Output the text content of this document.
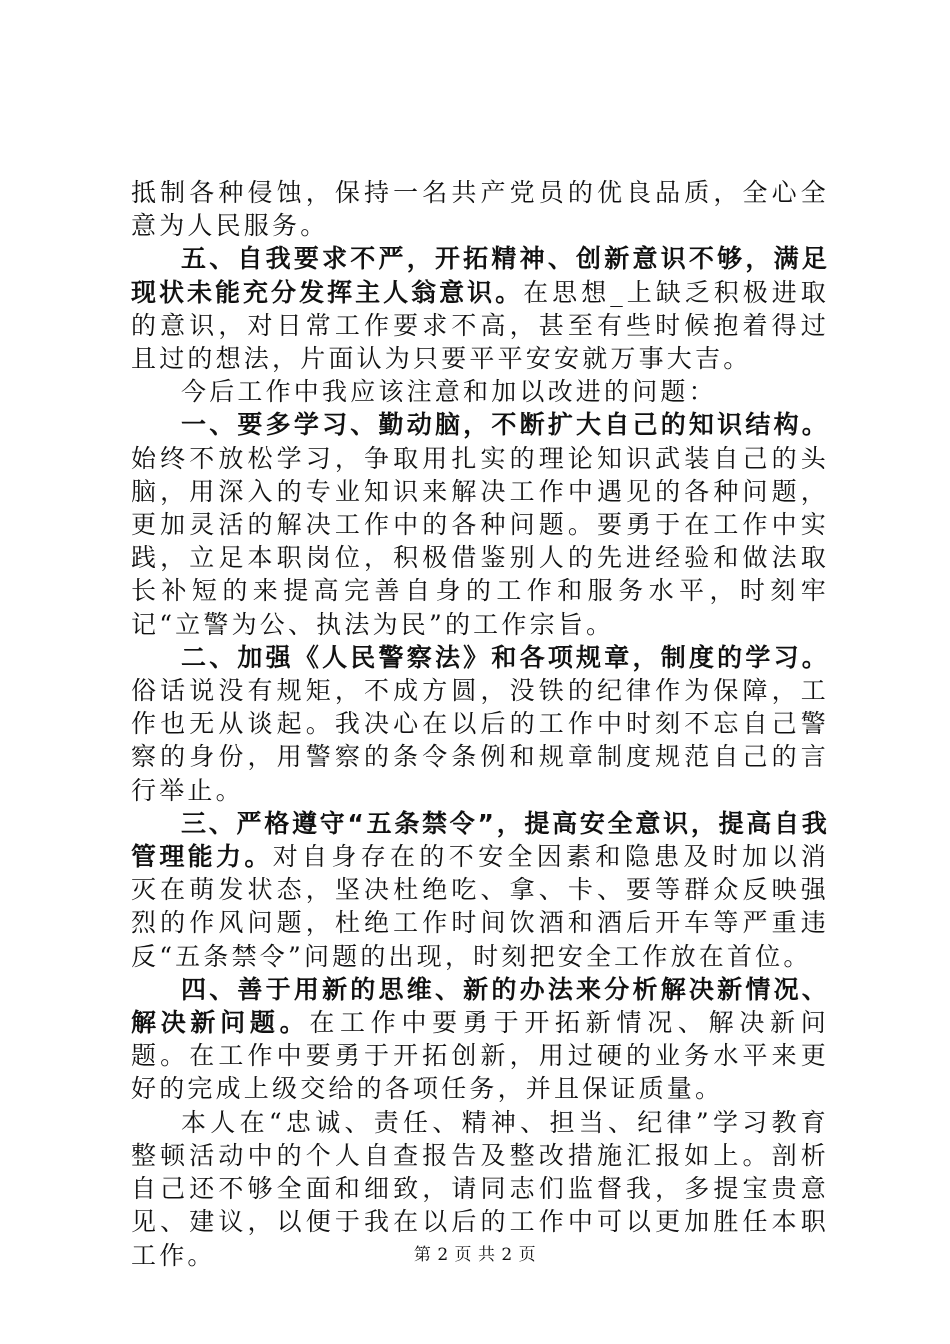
抵制各种侵蚀，保持一名共产党员的优良品质，全心全意为人民服务。

五、自我要求不严，开拓精神、创新意识不够，满足现状未能充分发挥主人翁意识。在思想_上缺乏积极进取的意识，对日常工作要求不高，甚至有些时候抱着得过且过的想法，片面认为只要平平安安就万事大吉。

今后工作中我应该注意和加以改进的问题：

一、要多学习、勤动脑，不断扩大自己的知识结构。始终不放松学习，争取用扎实的理论知识武装自己的头脑，用深入的专业知识来解决工作中遇见的各种问题，更加灵活的解决工作中的各种问题。要勇于在工作中实践，立足本职岗位，积极借鉴别人的先进经验和做法取长补短的来提高完善自身的工作和服务水平，时刻牢记“立警为公、执法为民”的工作宗旨。

二、加强《人民警察法》和各项规章，制度的学习。俗话说没有规矩，不成方圆，没铁的纪律作为保障，工作也无从谈起。我决心在以后的工作中时刻不忘自己警察的身份，用警察的条令条例和规章制度规范自己的言行举止。

三、严格遵守“五条禁令”，提高安全意识，提高自我管理能力。对自身存在的不安全因素和隐患及时加以消灭在萌发状态，坚决杜绝吃、拿、卡、要等群众反映强烈的作风问题，杜绝工作时间饮酒和酒后开车等严重违反“五条禁令”问题的出现，时刻把安全工作放在首位。

四、善于用新的思维、新的办法来分析解决新情况、解决新问题。在工作中要勇于开拓新情况、解决新问题。在工作中要勇于开拓创新，用过硬的业务水平来更好的完成上级交给的各项任务，并且保证质量。

本人在“忠诚、责任、精神、担当、纪律”学习教育整顿活动中的个人自查报告及整改措施汇报如上。剖析自己还不够全面和细致，请同志们监督我，多提宝贵意见、建议，以便于我在以后的工作中可以更加胜任本职工作。	第 2 页 共 2 页
